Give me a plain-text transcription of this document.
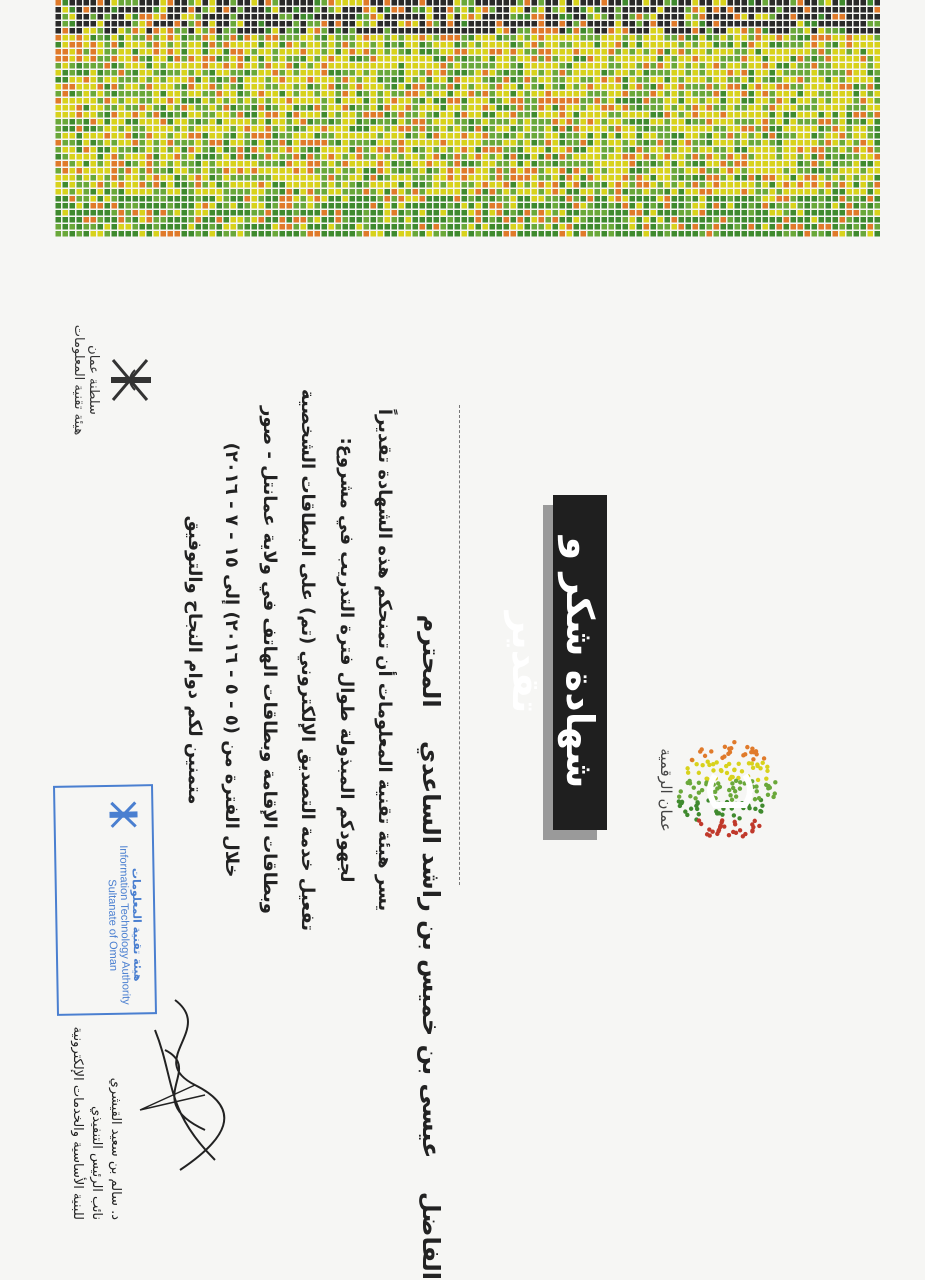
عمان الرقمية
شهادة شكر و تقدير
الفاضل    عيسى بن خميس بن راشد الساعدي    المحترم
يسر هيئة تقنية المعلومات أن تمنحكم هذه الشهادة تقديراً
لجهودكم المبذولة طوال فترة التدريب في مشروع:
تفعيل خدمة التصديق الإلكتروني (تم) على البطاقات الشخصية
وبطاقات الإقامة وبطاقات الهاتف في ولاية عمانتل - صور
خلال الفترة من (٥ - ٥ - ٢٠١٦) إلى ١٥ - ٧ - ٢٠١٦)
متمنين لكم دوام النجاح والتوفيق
د. سالم بن سعيد القيشري
نائب الرئيس التنفيذي
للبنية الأساسية والخدمات الإلكترونية
هيئة تقنية المعلومات
Information Technology Authority
Sultanate of Oman
سلطنة عمان
هيئة تقنية المعلومات
